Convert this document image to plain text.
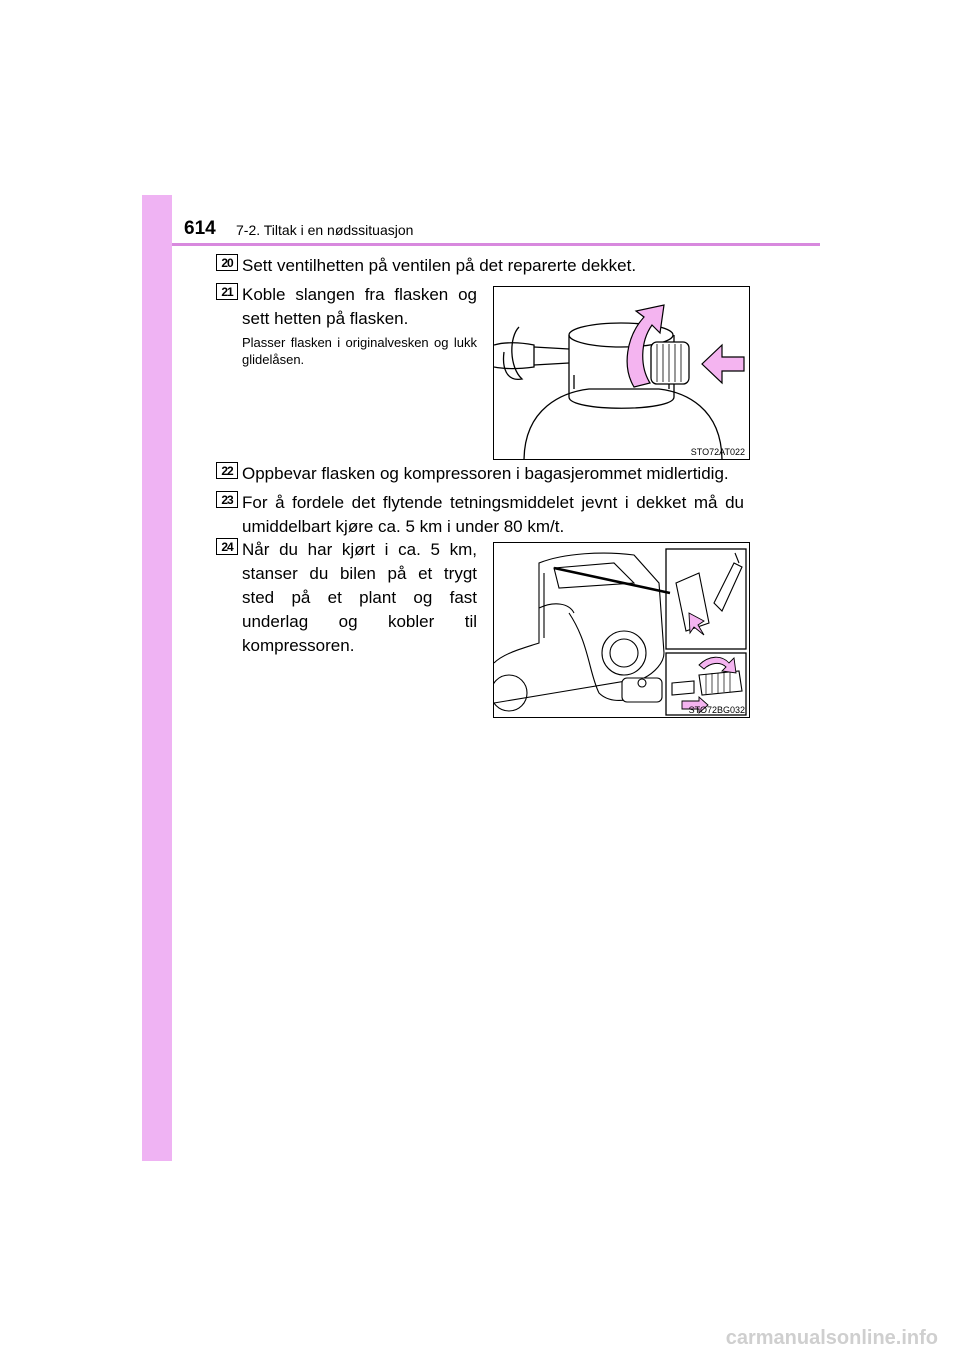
614 7-2. Tiltak i en nødssituasjon
20 Sett ventilhetten på ventilen på det reparerte dekket.
21 Koble slangen fra flasken og sett hetten på flasken.
Plasser flasken i originalvesken og lukk glidelåsen.
STO72AT022
22 Oppbevar flasken og kompressoren i bagasjerommet midlertidig.
23 For å fordele det flytende tetningsmiddelet jevnt i dekket må du umiddelbart kjøre ca. 5 km i under 80 km/t.
24 Når du har kjørt i ca. 5 km, stanser du bilen på et trygt sted på et plant og fast underlag og kobler til kompressoren.
STO72BG032
carmanualsonline.info
